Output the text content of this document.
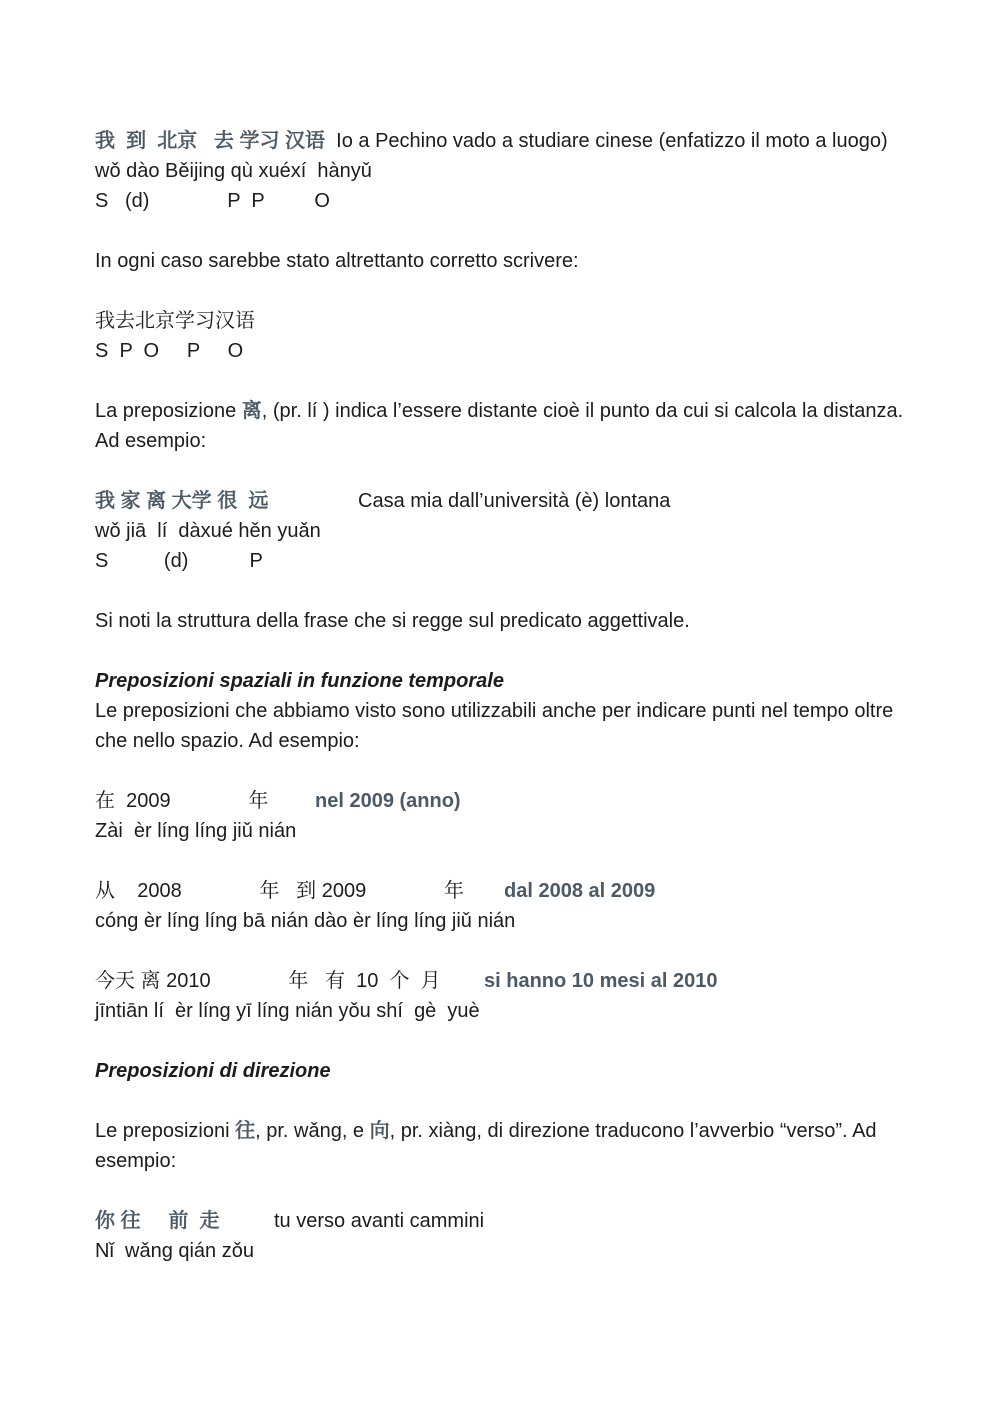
我 到 北京 去 学习 汉语 Io a Pechino vado a studiare cinese (enfatizzo il moto a luogo)
wǒ dào Běijing qù xuéxí  hànyǔ
S   (d)              P  P         O
In ogni caso sarebbe stato altrettanto corretto scrivere:
我去北京学习汉语
S  P  O     P     O
La preposizione 离, (pr. lí ) indica l’essere distante cioè il punto da cui si calcola la distanza. Ad esempio:
我 家 离 大学 很  远	Casa mia dall’università (è) lontana
wǒ jiā  lí  dàxué hěn yuǎn
S          (d)           P
Si noti la struttura della frase che si regge sul predicato aggettivale.
Preposizioni spaziali in funzione temporale
Le preposizioni che abbiamo visto sono utilizzabili anche per indicare punti nel tempo oltre che nello spazio. Ad esempio:
在  2009              年 nel 2009 (anno)
Zài  èr líng líng jiǔ nián
从    2008              年   到 2009              年 dal 2008 al 2009
cóng èr líng líng bā nián dào èr líng líng jiǔ nián
今天 离 2010              年   有  10  个  月 si hanno 10 mesi al 2010
jīntiān lí  èr líng yī líng nián yǒu shí  gè  yuè
Preposizioni di direzione
Le preposizioni 往, pr. wǎng, e 向, pr. xiàng, di direzione traducono l’avverbio “verso”. Ad esempio:
你 往     前  走	tu verso avanti cammini
Nǐ  wǎng qián zǒu
